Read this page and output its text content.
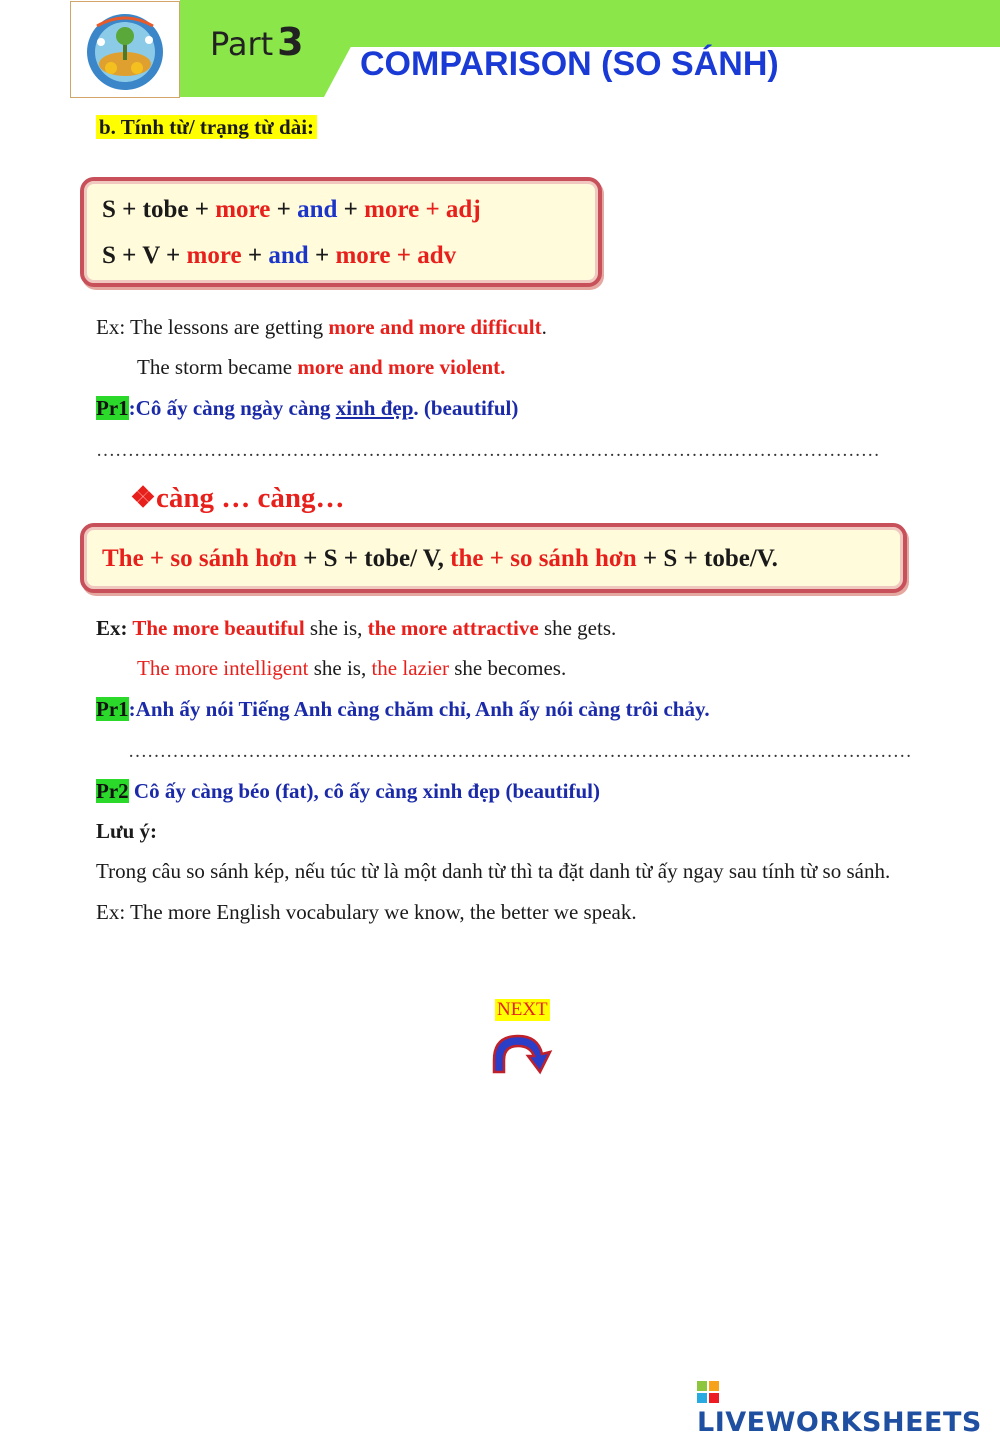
Part 3 COMPARISON (SO SÁNH)
b. Tính từ/ trạng từ dài:
S + tobe + more + and + more + adj
S + V + more + and + more + adv
Ex: The lessons are getting more and more difficult.
The storm became more and more violent.
Pr1:Cô ấy càng ngày càng xinh đẹp. (beautiful)
……………………………………………………………………………………….……………………
❖càng … càng…
The + so sánh hơn + S + tobe/ V, the + so sánh hơn + S + tobe/V.
Ex: The more beautiful she is, the more attractive she gets.
The more intelligent she is, the lazier she becomes.
Pr1:Anh ấy nói Tiếng Anh càng chăm chỉ, Anh ấy nói càng trôi chảy.
……………………………………………………………………………………….……………………
Pr2 Cô ấy càng béo (fat), cô ấy càng xinh đẹp (beautiful)
Lưu ý:
Trong câu so sánh kép, nếu túc từ là một danh từ thì ta đặt danh từ ấy ngay sau tính từ so sánh.
Ex: The more English vocabulary we know, the better we speak.
NEXT
LIVEWORKSHEETS
